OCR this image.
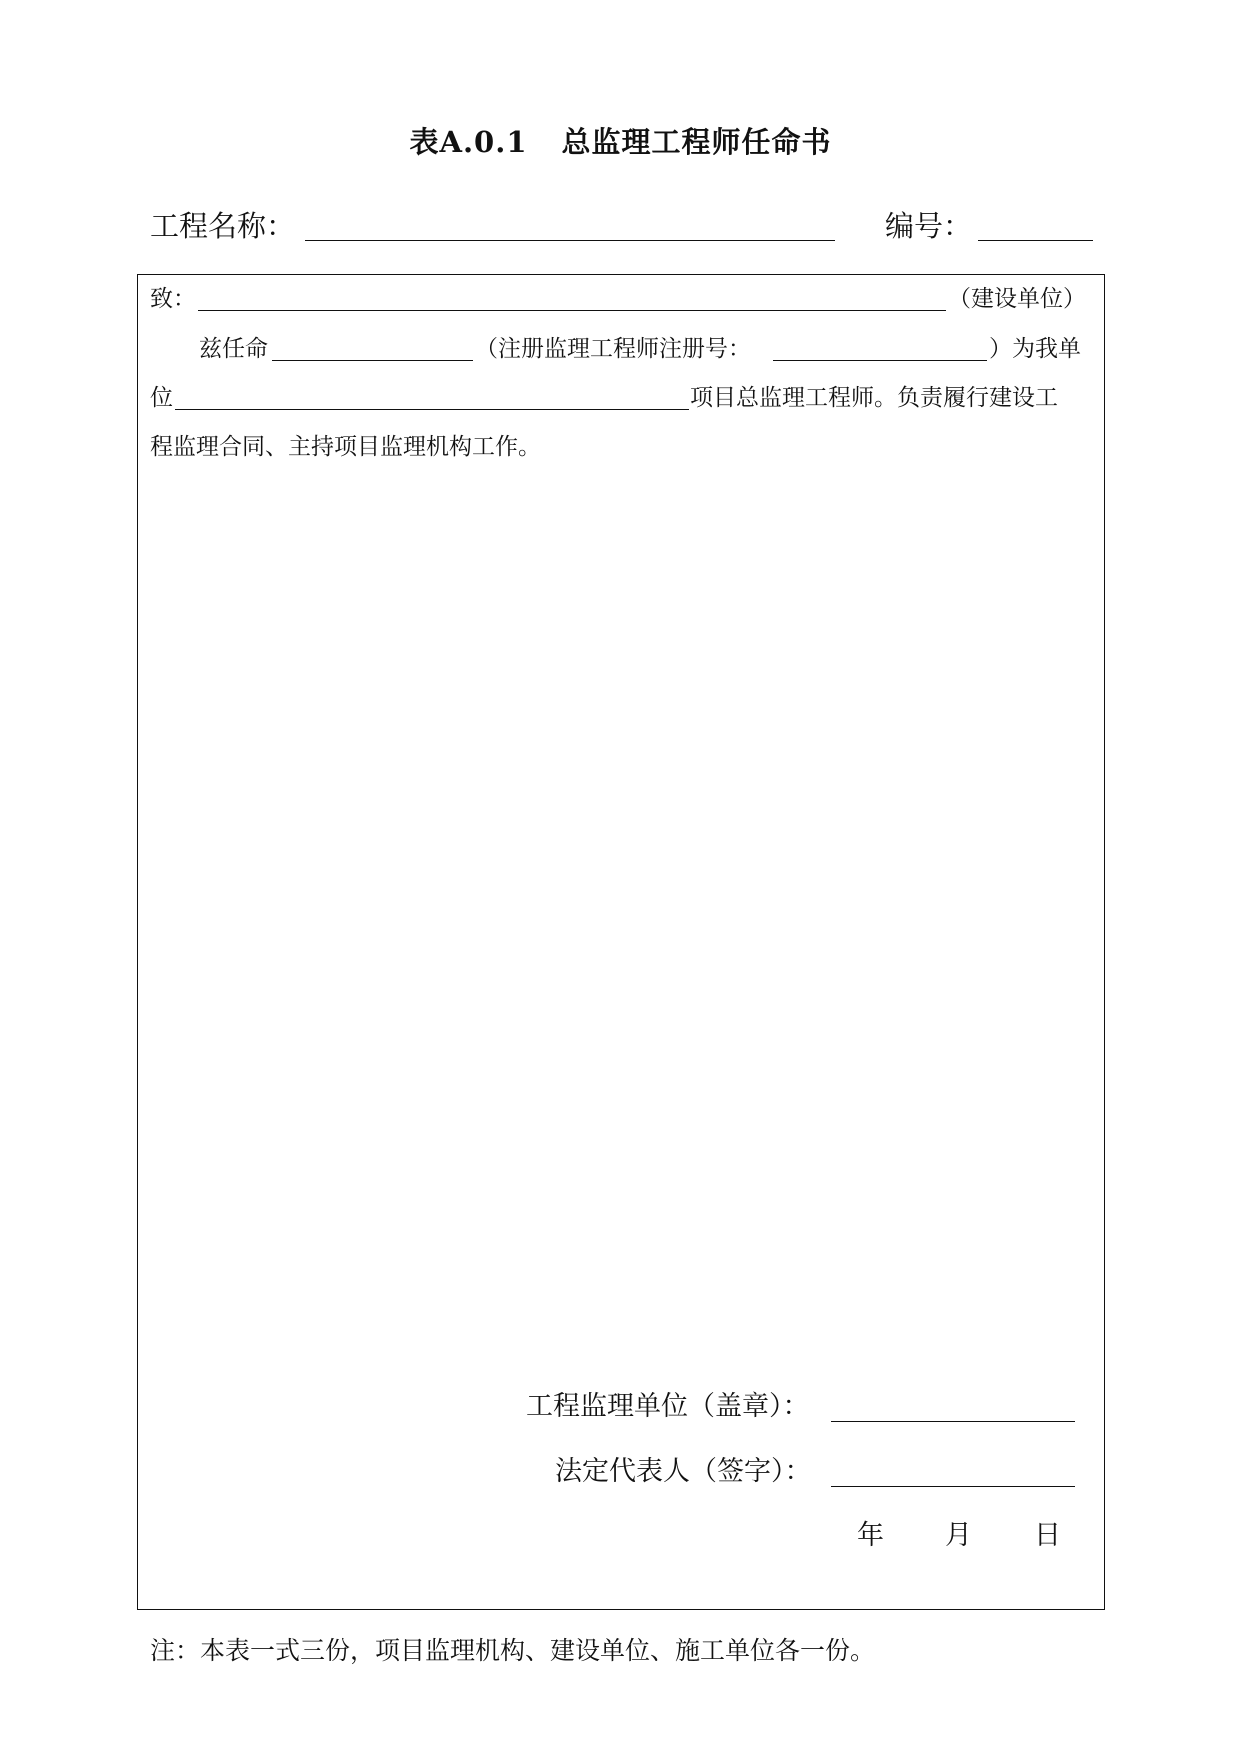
表A.0.1 总监理工程师任命书
工程名称：	编号：
致：	（建设单位）
兹任命	（注册监理工程师注册号：	）为我单
位	项目总监理工程师。负责履行建设工
程监理合同、主持项目监理机构工作。
工程监理单位（盖章）：
法定代表人（签字）：
年 月 日
注：本表一式三份，项目监理机构、建设单位、施工单位各一份。
